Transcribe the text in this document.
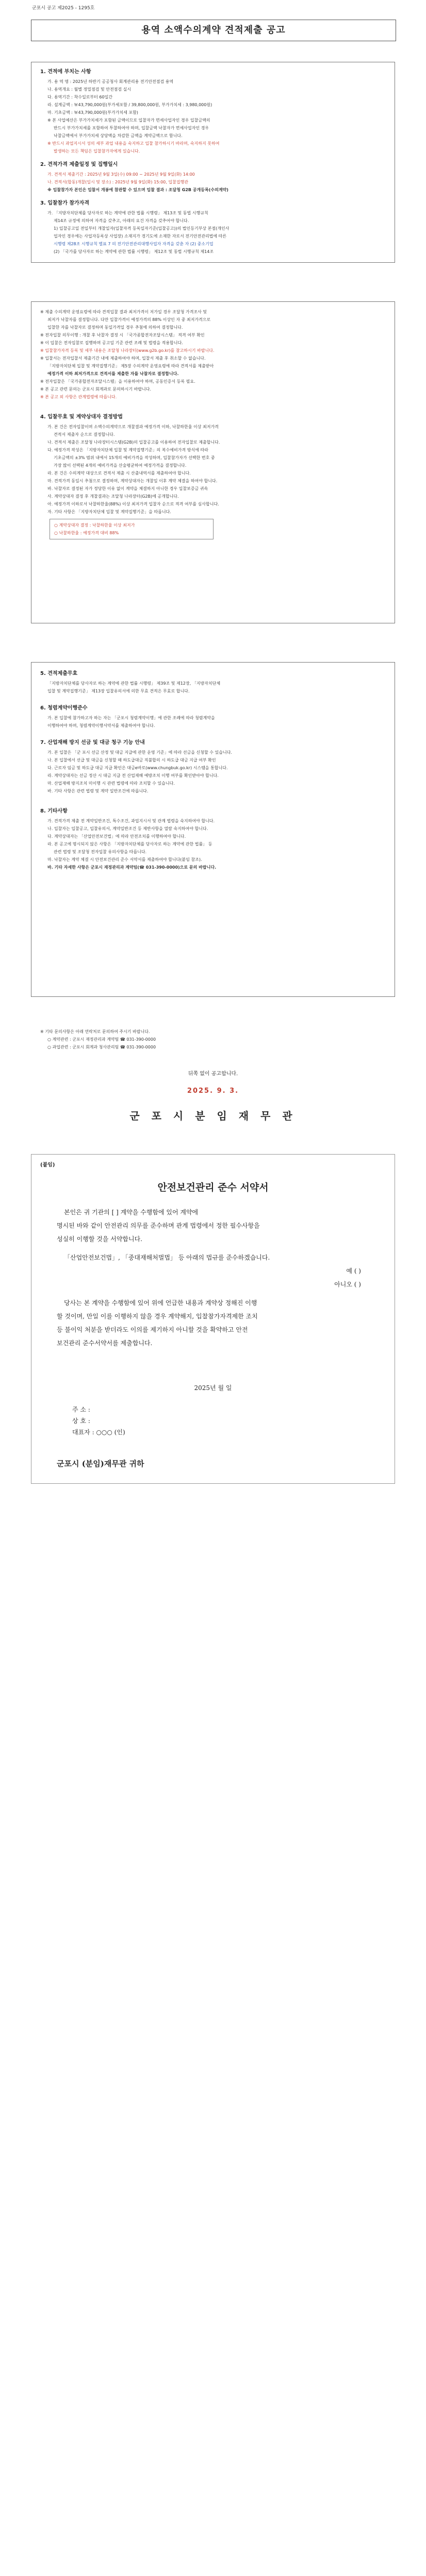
군포시 공고 제2025 - 1295호
용역 소액수의계약 견적제출 공고
1. 견적에 부치는 사항
가. 용 역 명 : 2025년 하반기 공공청사 회계관리용 전기안전점검 용역
나. 용역개요 : 월별 정밀점검 및 안전점검 실시
다. 용역기간 : 착수일로부터 60일간
라. 설계금액 : ￦43,790,000원(부가세포함 / 39,800,000원, 부가가치세 : 3,980,000원)
마. 기초금액 : ￦43,790,000원(부가가치세 포함)
※ 본 사업예산은 부가가치세가 포함된 금액이므로 입찰자가 면세사업자인 경우 입찰금액의
반드시 부가가치세를 포함하여 투찰하여야 하며, 입찰금액 낙찰자가 면세사업자인 경우
낙찰금액에서 부가가치세 상당액을 차감한 금액을 계약금액으로 함니다.
※ 반드시 과업지시서 성의 세부 과업 내용을 숙지하고 입찰 참가하시기 바라며, 숙지하지 못하여
발생하는 모든 책임은 입찰참가자에게 있습니다.
2. 견적가격 제출일정 및 집행일시
가. 견적서 제출기간 : 2025년 9월 3일(수) 09:00 ~ 2025년 9월 9일(화) 14:00
나. 견적서(합동)개찰(일시 및 장소) : 2025년 9월 9일(화) 15:00, 입찰집행관
※ 입찰참가자 본인은 입찰서 개봉에 참관할 수 있으며 입찰 결과 : 조달청 G2B 공개등록(수의계약)
3. 입찰참가 참가자격
가. 「지방자치단체를 당사자로 하는 계약에 관한 법률 시행령」 제13조 및 동법 시행규칙
제14조 규정에 의하여 자격을 갖추고, 아래의 요건 자격을 갖추어야 합니다.
1) 입찰공고일 전일부터 개찰일자(입찰자격 등록일자기준(입찰공고))의 법인등기부상 본점(개인사
업자인 경우에는 사업자등록상 사업장) 소재지가 경기도에 소재한 자로서 전기안전관리법에 따른
시행령 제28조 시행규칙 별표 7 의 전기안전관리대행사업자 자격을 갖춘 자 (2) 중소기업
(2) 「국가를 당사자로 하는 계약에 관한 법률 시행령」 제12조 및 동법 시행규칙 제14조
※ 제출 수의계약 운영요령에 따라 견적입찰 결과 최저가격이 저가일 경우 조달청 가격조사 및
최저가 낙찰자를 결정합니다. 다만 입찰가격이 예정가격의 88% 이상인 자 중 최저가격으로
입찰한 자를 낙찰자로 결정하며 동일가격일 경우 추첨에 의하여 결정합니다.
※ 전자입찰 의무이행 : 개찰 후 낙찰자 결정 시 「국가종합전자조달시스템」 적격 여부 확인
※ 이 입찰은 전자입찰로 집행하며 공고일 기준 관련 조례 및 법령을 적용합니다.
※ 입찰참가자격 등록 및 세부 내용은 조달청 나라장터(www.g2b.go.kr)를 참고하시기 바랍니다.
※ 입찰서는 전자입찰서 제출기간 내에 제출하여야 하며, 입찰서 제출 후 취소할 수 없습니다.
「지방자치단체 입찰 및 계약집행기준」 제5장 수의계약 운영요령에 따라 견적서를 제출받아
예정가격 이하 최저가격으로 견적서를 제출한 자를 낙찰자로 결정합니다.
※ 전자입찰은 「국가종합전자조달시스템」을 이용하여야 하며, 공동인증서 등록 필요.
※ 본 공고 관련 문의는 군포시 회계과로 문의하시기 바랍니다.
※ 본 공고 외 사항은 관계법령에 따릅니다.
4. 입찰무효 및 계약상대자 결정방법
가. 본 건은 전자입찰이며 소액수의계약으로 개찰결과 예정가격 이하, 낙찰하한율 이상 최저가격
견적서 제출자 순으로 결정합니다.
나. 견적서 제출은 조달청 나라장터시스템(G2B)의 입찰공고를 이용하여 전자입찰로 제출합니다.
다. 예정가격 작성은 「지방자치단체 입찰 및 계약집행기준」의 복수예비가격 방식에 따라
기초금액의 ±3% 범위 내에서 15개의 예비가격을 작성하며, 입찰참가자가 선택한 번호 중
가장 많이 선택된 4개의 예비가격을 산술평균하여 예정가격을 결정합니다.
라. 본 건은 수의계약 대상으로 견적서 제출 시 산출내역서를 제출하여야 합니다.
마. 견적가격 동일시 추첨으로 결정하며, 계약상대자는 개찰일 이후 계약 체결을 하여야 합니다.
바. 낙찰자로 결정된 자가 정당한 이유 없이 계약을 체결하지 아니한 경우 입찰보증금 귀속
사. 계약상대자 결정 후 개찰결과는 조달청 나라장터(G2B)에 공개합니다.
아. 예정가격 이하로서 낙찰하한율(88%) 이상 최저가격 입찰자 순으로 적격 여부를 심사합니다.
자. 기타 사항은 「지방자치단체 입찰 및 계약집행기준」을 따릅니다.
○ 계약상대자 결정 : 낙찰하한율 이상 최저가
○ 낙찰하한율 : 예정가격 대비 88%
5. 견적제출무효
「지방자치단체를 당사자로 하는 계약에 관한 법률 시행령」 제39조 및 제12장, 「지방자치단체
입찰 및 계약집행기준」 제13장 입찰유의서에 의한 무효 견적은 무효로 합니다.
6. 청렴계약이행준수
가. 본 입찰에 참가하고자 하는 자는 「군포시 청렴계약이행」에 관한 조례에 따라 청렴계약을
이행하여야 하며, 청렴계약이행서약서를 제출하여야 합니다.
7. 산업재해 방지 선금 및 대금 청구 기능 안내
가. 본 입찰은 「군 포시 선금 산정 및 대금 지급에 관한 운영 기준」에 따라 선금을 신청할 수 있습니다.
나. 본 입찰에서 선급 및 대금을 신청할 때 하도급대금 직불합의 시 하도급 대금 지급 여부 확인
다. 근로자 임금 및 하도급 대금 지급 확인은 대금e바로(www.chungbuk.go.kr) 시스템을 통합니다.
라. 계약상대자는 선금 정산 시 대금 지급 전 산업재해 예방조치 이행 여부를 확인받아야 합니다.
마. 산업재해 방지조치 미이행 시 관련 법령에 따라 조치할 수 있습니다.
바. 기타 사항은 관련 법령 및 계약 일반조건에 따릅니다.
8. 기타사항
가. 견적가격 제출 전 계약일반조건, 특수조건, 과업지시서 및 관계 법령을 숙지하여야 합니다.
나. 입찰자는 입찰공고, 입찰유의서, 계약일반조건 등 제반사항을 열람 숙지하여야 합니다.
다. 계약상대자는 「산업안전보건법」에 따라 안전조치를 이행하여야 합니다.
라. 본 공고에 명시되지 않은 사항은 「지방자치단체를 당사자로 하는 계약에 관한 법률」 등
관련 법령 및 조달청 전자입찰 유의사항을 따릅니다.
마. 낙찰자는 계약 체결 시 안전보건관리 준수 서약서를 제출하여야 합니다(붙임 참조).
바. 기타 자세한 사항은 군포시 재정관리과 계약팀(☎ 031-390-0000)으로 문의 바랍니다.
※ 기타 문의사항은 아래 연락처로 문의하여 주시기 바랍니다.
○ 계약관련 : 군포시 재정관리과 계약팀 ☎ 031-390-0000
○ 과업관련 : 군포시 회계과 청사관리팀 ☎ 031-390-0000
뒤쪽 없이 공고합니다.
2025. 9. 3.
군 포 시 분 임 재 무 관
(붙임)
안전보건관리 준수 서약서
본인은 귀 기관의 [ ] 계약을 수행함에 있어 계약에
명시된 바와 같이 안전관리 의무를 준수하며 관계 법령에서 정한 필수사항을
성실히 이행할 것을 서약합니다.
「산업안전보건법」, 「중대재해처벌법」 등 아래의 법규를 준수하겠습니다.
예 ( )
아니오 ( )
당사는 본 계약을 수행함에 있어 위에 언급한 내용과 계약상 정해진 이행
할 것이며, 만일 이를 이행하지 않을 경우 계약해지, 입찰참가자격제한 조치
등 불이익 처분을 받더라도 이의를 제기하지 아니할 것을 확약하고 안전
보건관리 준수서약서를 제출합니다.
2025년 월 일
주 소 :
상 호 :
대표자 : ○○○ (인)
군포시 (분임)재무관 귀하
